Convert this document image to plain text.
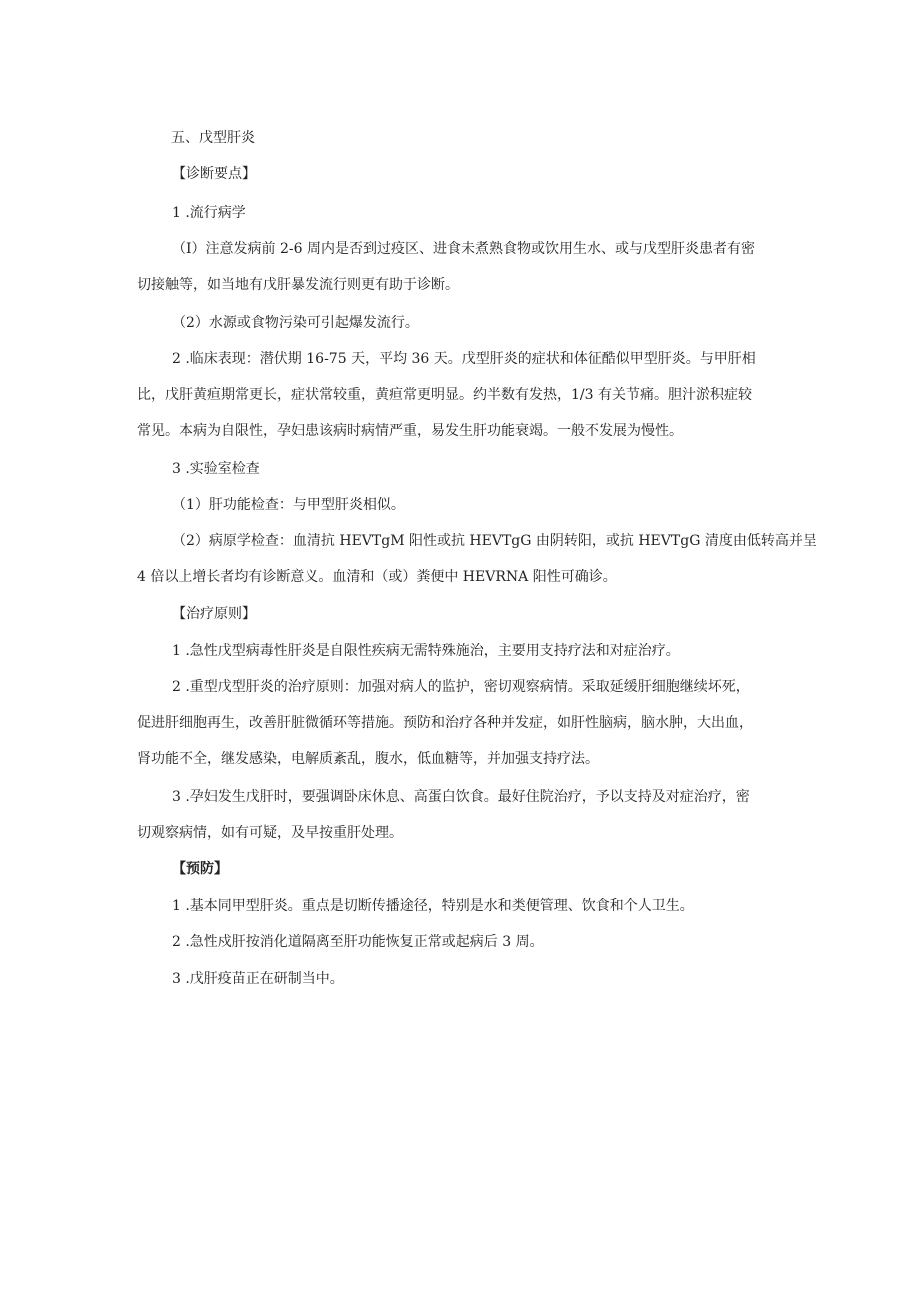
五、戊型肝炎
【诊断要点】
1 .流行病学
（I）注意发病前 2-6 周内是否到过疫区、进食未煮熟食物或饮用生水、或与戊型肝炎患者有密
切接触等，如当地有戊肝暴发流行则更有助于诊断。
（2）水源或食物污染可引起爆发流行。
2 .临床表现：潜伏期 16-75 天，平均 36 天。戊型肝炎的症状和体征酷似甲型肝炎。与甲肝相
比，戊肝黄疸期常更长，症状常较重，黄疸常更明显。约半数有发热，1/3 有关节痛。胆汁淤积症较
常见。本病为自限性，孕妇患该病时病情严重，易发生肝功能衰竭。一般不发展为慢性。
3 .实验室检查
（1）肝功能检查：与甲型肝炎相似。
（2）病原学检查：血清抗 HEVTgM 阳性或抗 HEVTgG 由阴转阳，或抗 HEVTgG 清度由低转高并呈
4 倍以上增长者均有诊断意义。血清和（或）粪便中 HEVRNA 阳性可确诊。
【治疗原则】
1 .急性戊型病毒性肝炎是自限性疾病无需特殊施治，主要用支持疗法和对症治疗。
2 .重型戊型肝炎的治疗原则：加强对病人的监护，密切观察病情。采取延缓肝细胞继续坏死，
促进肝细胞再生，改善肝脏微循环等措施。预防和治疗各种并发症，如肝性脑病，脑水肿，大出血，
肾功能不全，继发感染，电解质紊乱，腹水，低血糖等，并加强支持疗法。
3 .孕妇发生戊肝时，要强调卧床休息、高蛋白饮食。最好住院治疗，予以支持及对症治疗，密
切观察病情，如有可疑，及早按重肝处理。
【预防】
1 .基本同甲型肝炎。重点是切断传播途径，特别是水和类便管理、饮食和个人卫生。
2 .急性戍肝按消化道隔离至肝功能恢复正常或起病后 3 周。
3 .戊肝疫苗正在研制当中。
